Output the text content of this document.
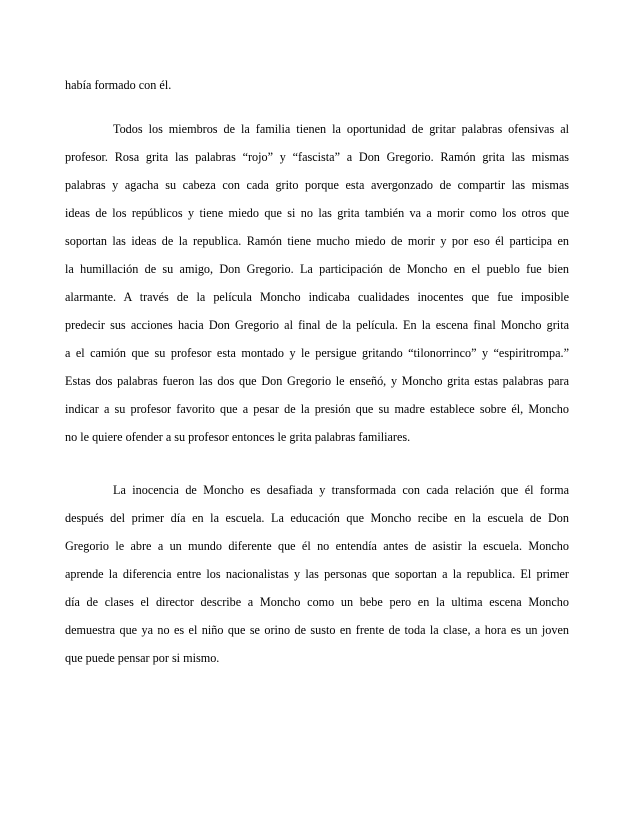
había formado con él.
Todos los miembros de la familia tienen la oportunidad de gritar palabras ofensivas al
profesor. Rosa grita las palabras “rojo” y “fascista” a Don Gregorio. Ramón grita las mismas
palabras y agacha su cabeza con cada grito porque esta avergonzado de compartir las mismas
ideas de los repúblicos y tiene miedo que si no las grita también va a morir como los otros que
soportan las ideas de la republica. Ramón tiene mucho miedo de morir y por eso él participa en
la humillación de su amigo, Don Gregorio. La participación de Moncho en el pueblo fue bien
alarmante. A través de la película Moncho indicaba cualidades inocentes que fue imposible
predecir sus acciones hacia Don Gregorio al final de la película. En la escena final Moncho grita
a el camión que su profesor esta montado y le persigue gritando “tilonorrinco” y “espiritrompa.”
Estas dos palabras fueron las dos que Don Gregorio le enseñó, y Moncho grita estas palabras para
indicar a su profesor favorito que a pesar de la presión que su madre establece sobre él, Moncho
no le quiere ofender a su profesor entonces le grita palabras familiares.
La inocencia de Moncho es desafiada y transformada con cada relación que él forma
después del primer día en la escuela. La educación que Moncho recibe en la escuela de Don
Gregorio le abre a un mundo diferente que él no entendía antes de asistir la escuela. Moncho
aprende la diferencia entre los nacionalistas y las personas que soportan a la republica. El primer
día de clases el director describe a Moncho como un bebe pero en la ultima escena Moncho
demuestra que ya no es el niño que se orino de susto en frente de toda la clase, a hora es un joven
que puede pensar por si mismo.
